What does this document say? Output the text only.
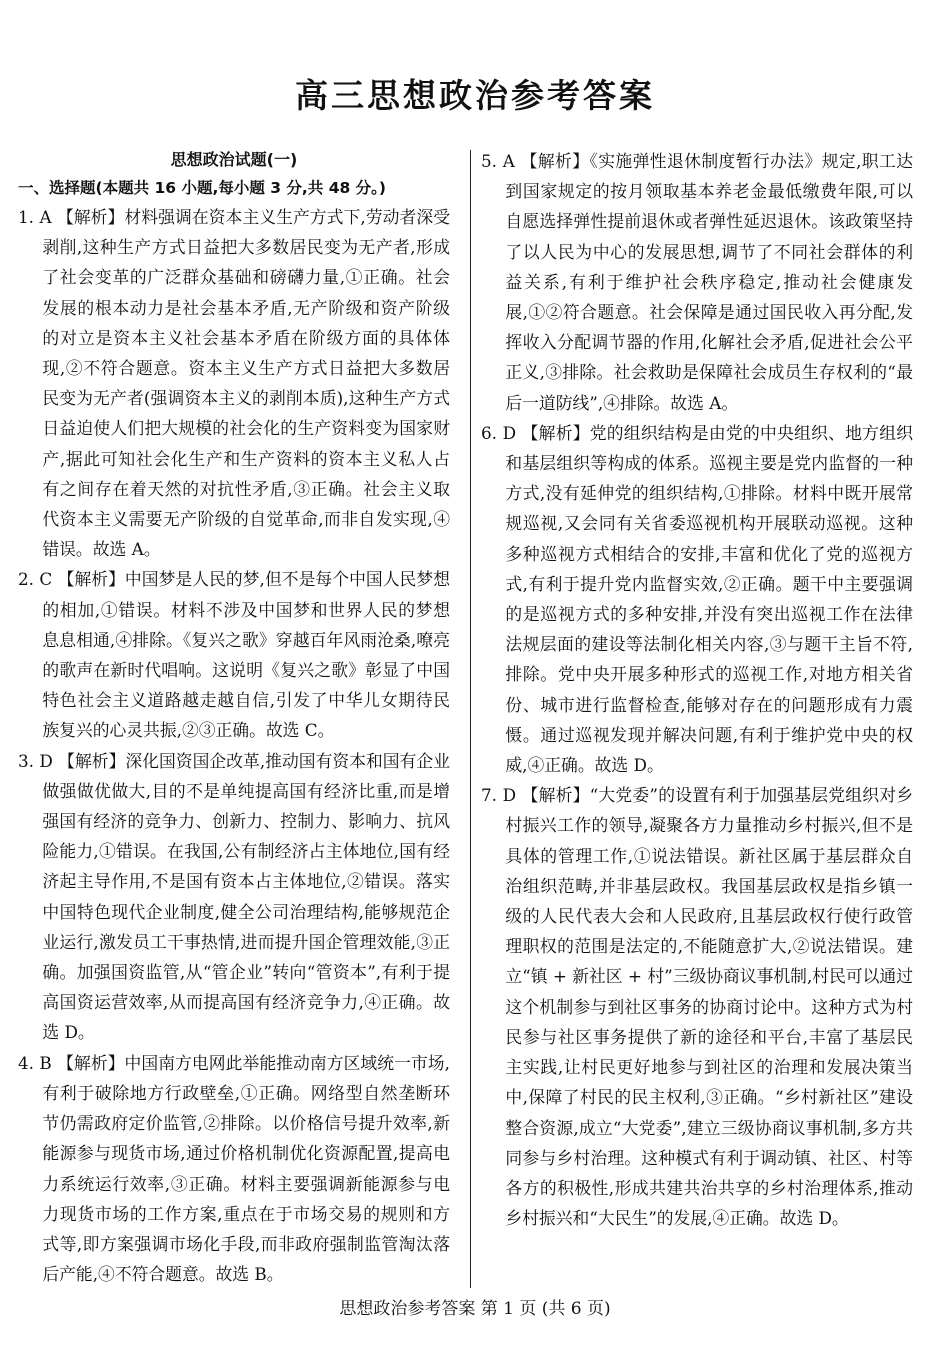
高三思想政治参考答案
思想政治试题(一)
一、选择题(本题共 16 小题,每小题 3 分,共 48 分。)

1. A 【解析】材料强调在资本主义生产方式下,劳动者深受剥削,这种生产方式日益把大多数居民变为无产者,形成了社会变革的广泛群众基础和磅礴力量,①正确。社会发展的根本动力是社会基本矛盾,无产阶级和资产阶级的对立是资本主义社会基本矛盾在阶级方面的具体体现,②不符合题意。资本主义生产方式日益把大多数居民变为无产者(强调资本主义的剥削本质),这种生产方式日益迫使人们把大规模的社会化的生产资料变为国家财产,据此可知社会化生产和生产资料的资本主义私人占有之间存在着天然的对抗性矛盾,③正确。社会主义取代资本主义需要无产阶级的自觉革命,而非自发实现,④错误。故选 A。

2. C 【解析】中国梦是人民的梦,但不是每个中国人民梦想的相加,①错误。材料不涉及中国梦和世界人民的梦想息息相通,④排除。《复兴之歌》穿越百年风雨沧桑,嘹亮的歌声在新时代唱响。这说明《复兴之歌》彰显了中国特色社会主义道路越走越自信,引发了中华儿女期待民族复兴的心灵共振,②③正确。故选 C。

3. D 【解析】深化国资国企改革,推动国有资本和国有企业做强做优做大,目的不是单纯提高国有经济比重,而是增强国有经济的竞争力、创新力、控制力、影响力、抗风险能力,①错误。在我国,公有制经济占主体地位,国有经济起主导作用,不是国有资本占主体地位,②错误。落实中国特色现代企业制度,健全公司治理结构,能够规范企业运行,激发员工干事热情,进而提升国企管理效能,③正确。加强国资监管,从“管企业”转向“管资本”,有利于提高国资运营效率,从而提高国有经济竞争力,④正确。故选 D。

4. B 【解析】中国南方电网此举能推动南方区域统一市场,有利于破除地方行政壁垒,①正确。网络型自然垄断环节仍需政府定价监管,②排除。以价格信号提升效率,新能源参与现货市场,通过价格机制优化资源配置,提高电力系统运行效率,③正确。材料主要强调新能源参与电力现货市场的工作方案,重点在于市场交易的规则和方式等,即方案强调市场化手段,而非政府强制监管淘汰落后产能,④不符合题意。故选 B。

5. A 【解析】《实施弹性退休制度暂行办法》规定,职工达到国家规定的按月领取基本养老金最低缴费年限,可以自愿选择弹性提前退休或者弹性延迟退休。该政策坚持了以人民为中心的发展思想,调节了不同社会群体的利益关系,有利于维护社会秩序稳定,推动社会健康发展,①②符合题意。社会保障是通过国民收入再分配,发挥收入分配调节器的作用,化解社会矛盾,促进社会公平正义,③排除。社会救助是保障社会成员生存权利的“最后一道防线”,④排除。故选 A。

6. D 【解析】党的组织结构是由党的中央组织、地方组织和基层组织等构成的体系。巡视主要是党内监督的一种方式,没有延伸党的组织结构,①排除。材料中既开展常规巡视,又会同有关省委巡视机构开展联动巡视。这种多种巡视方式相结合的安排,丰富和优化了党的巡视方式,有利于提升党内监督实效,②正确。题干中主要强调的是巡视方式的多种安排,并没有突出巡视工作在法律法规层面的建设等法制化相关内容,③与题干主旨不符,排除。党中央开展多种形式的巡视工作,对地方相关省份、城市进行监督检查,能够对存在的问题形成有力震慑。通过巡视发现并解决问题,有利于维护党中央的权威,④正确。故选 D。

7. D 【解析】“大党委”的设置有利于加强基层党组织对乡村振兴工作的领导,凝聚各方力量推动乡村振兴,但不是具体的管理工作,①说法错误。新社区属于基层群众自治组织范畴,并非基层政权。我国基层政权是指乡镇一级的人民代表大会和人民政府,且基层政权行使行政管理职权的范围是法定的,不能随意扩大,②说法错误。建立“镇 + 新社区 + 村”三级协商议事机制,村民可以通过这个机制参与到社区事务的协商讨论中。这种方式为村民参与社区事务提供了新的途径和平台,丰富了基层民主实践,让村民更好地参与到社区的治理和发展决策当中,保障了村民的民主权利,③正确。“乡村新社区”建设整合资源,成立“大党委”,建立三级协商议事机制,多方共同参与乡村治理。这种模式有利于调动镇、社区、村等各方的积极性,形成共建共治共享的乡村治理体系,推动乡村振兴和“大民生”的发展,④正确。故选 D。

思想政治参考答案 第 1 页 (共 6 页)
